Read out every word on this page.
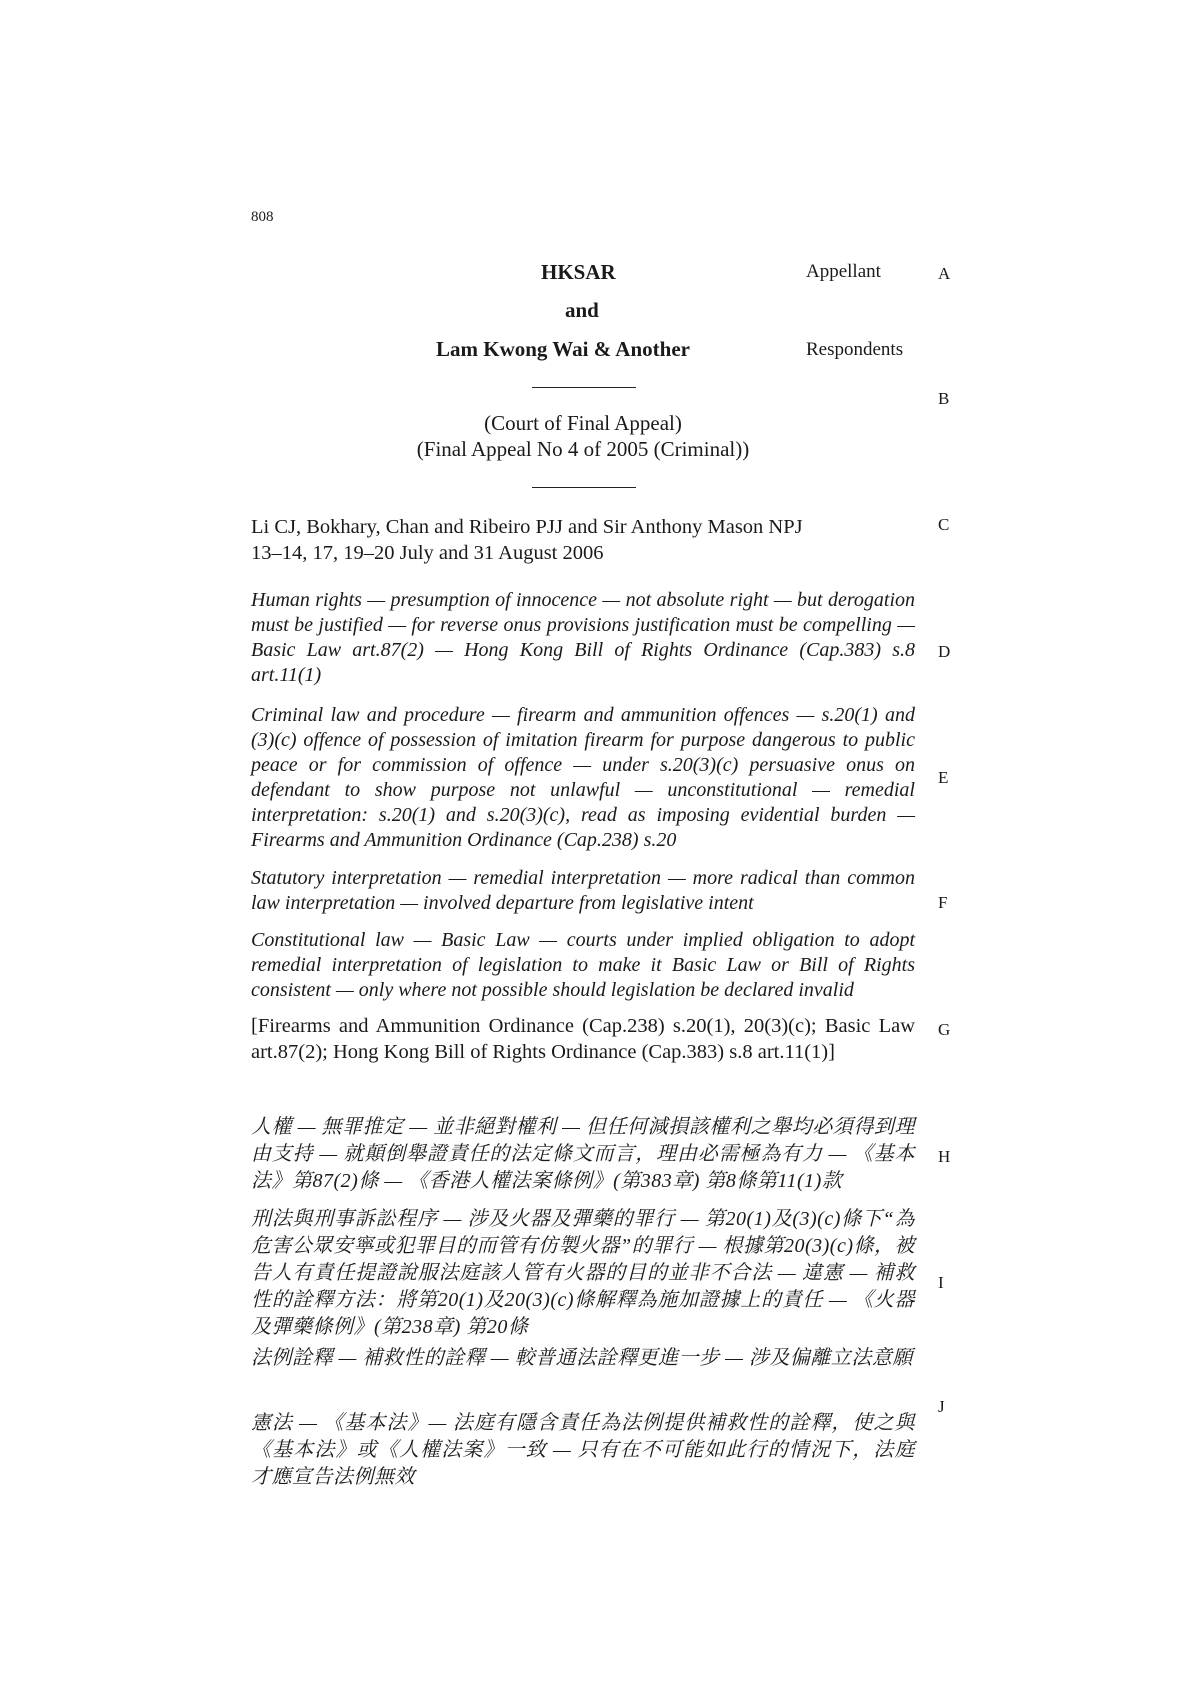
808
A
B
C
D
E
F
G
H
I
J
HKSAR	Appellant
and
Lam Kwong Wai & Another	Respondents
(Court of Final Appeal)
(Final Appeal No 4 of 2005 (Criminal))
Li CJ, Bokhary, Chan and Ribeiro PJJ and Sir Anthony Mason NPJ
13–14, 17, 19–20 July and 31 August 2006
Human rights — presumption of innocence — not absolute right — but derogation must be justified — for reverse onus provisions justification must be compelling — Basic Law art.87(2) — Hong Kong Bill of Rights Ordinance (Cap.383) s.8 art.11(1)
Criminal law and procedure — firearm and ammunition offences — s.20(1) and (3)(c) offence of possession of imitation firearm for purpose dangerous to public peace or for commission of offence — under s.20(3)(c) persuasive onus on defendant to show purpose not unlawful — unconstitutional — remedial interpretation: s.20(1) and s.20(3)(c), read as imposing evidential burden — Firearms and Ammunition Ordinance (Cap.238) s.20
Statutory interpretation — remedial interpretation — more radical than common law interpretation — involved departure from legislative intent
Constitutional law — Basic Law — courts under implied obligation to adopt remedial interpretation of legislation to make it Basic Law or Bill of Rights consistent — only where not possible should legislation be declared invalid
[Firearms and Ammunition Ordinance (Cap.238) s.20(1), 20(3)(c); Basic Law art.87(2); Hong Kong Bill of Rights Ordinance (Cap.383) s.8 art.11(1)]
人權 — 無罪推定 — 並非絕對權利 — 但任何減損該權利之舉均必須得到理由支持 — 就顛倒舉證責任的法定條文而言，理由必需極為有力 — 《基本法》第87(2)條 — 《香港人權法案條例》(第383章) 第8條第11(1)款
刑法與刑事訴訟程序 — 涉及火器及彈藥的罪行 — 第20(1)及(3)(c)條下“為危害公眾安寧或犯罪目的而管有仿製火器”的罪行 — 根據第20(3)(c)條，被告人有責任提證說服法庭該人管有火器的目的並非不合法 — 違憲 — 補救性的詮釋方法：將第20(1)及20(3)(c)條解釋為施加證據上的責任 — 《火器及彈藥條例》(第238章) 第20條
法例詮釋 — 補救性的詮釋 — 較普通法詮釋更進一步 — 涉及偏離立法意願
憲法 — 《基本法》— 法庭有隱含責任為法例提供補救性的詮釋，使之與《基本法》或《人權法案》一致 — 只有在不可能如此行的情況下，法庭才應宣告法例無效
